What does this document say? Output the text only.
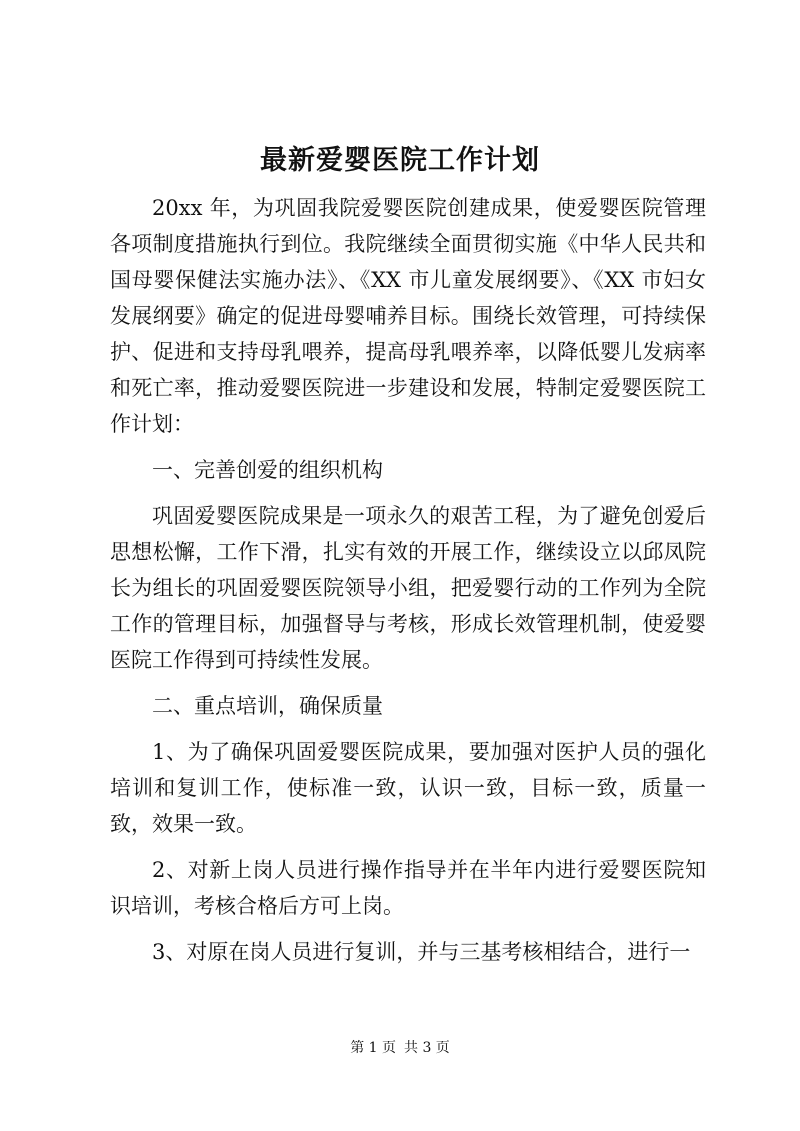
最新爱婴医院工作计划

20xx 年，为巩固我院爱婴医院创建成果，使爱婴医院管理各项制度措施执行到位。我院继续全面贯彻实施《中华人民共和国母婴保健法实施办法》、《XX 市儿童发展纲要》、《XX 市妇女发展纲要》确定的促进母婴哺养目标。围绕长效管理，可持续保护、促进和支持母乳喂养，提高母乳喂养率，以降低婴儿发病率和死亡率，推动爱婴医院进一步建设和发展，特制定爱婴医院工作计划：

一、完善创爱的组织机构

巩固爱婴医院成果是一项永久的艰苦工程，为了避免创爱后思想松懈，工作下滑，扎实有效的开展工作，继续设立以邱凤院长为组长的巩固爱婴医院领导小组，把爱婴行动的工作列为全院工作的管理目标，加强督导与考核，形成长效管理机制，使爱婴医院工作得到可持续性发展。

二、重点培训，确保质量

1、为了确保巩固爱婴医院成果，要加强对医护人员的强化培训和复训工作，使标准一致，认识一致，目标一致，质量一致，效果一致。

2、对新上岗人员进行操作指导并在半年内进行爱婴医院知识培训，考核合格后方可上岗。

3、对原在岗人员进行复训，并与三基考核相结合，进行一

第 1 页 共 3 页
